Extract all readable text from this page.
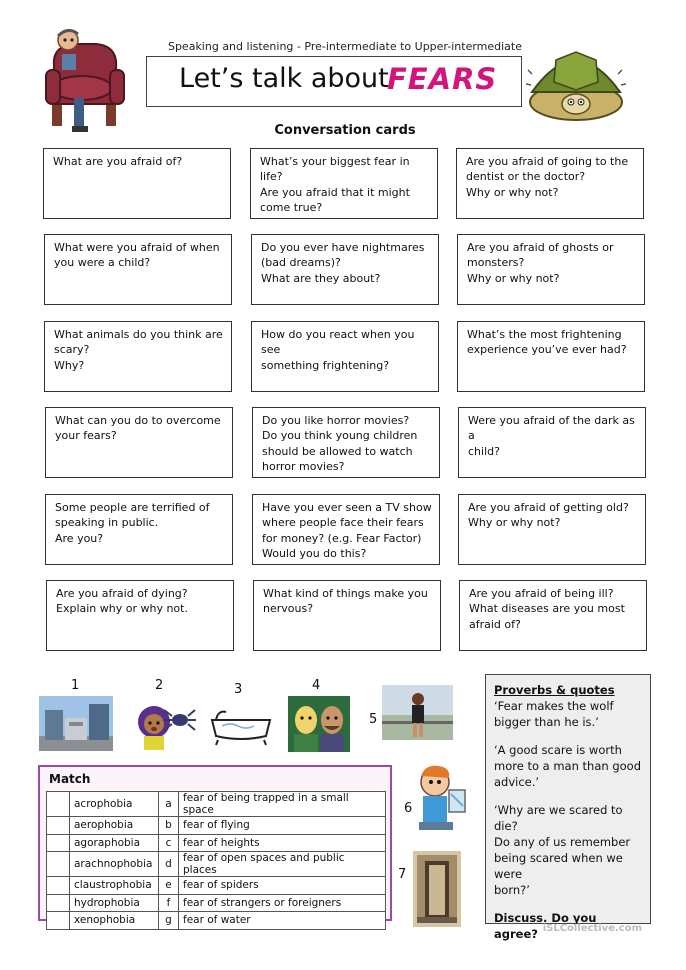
Speaking and listening - Pre-intermediate to Upper-intermediate
Let’s talk about
FEARS
Conversation cards
What are you afraid of?	What’s your biggest fear in life?
Are you afraid that it might
come true?
Are you afraid of going to the
dentist or the doctor?
Why or why not?
What were you afraid of when
you were a child?
Do you ever have nightmares
(bad dreams)?
What are they about?
Are you afraid of ghosts or
monsters?
Why or why not?
What animals do you think are
scary?
Why?
How do you react when you see
something frightening?
What’s the most frightening
experience you’ve ever had?
What can you do to overcome
your fears?
Do you like horror movies?
Do you think young children
should be allowed to watch
horror movies?
Were you afraid of the dark as a
child?
Some people are terrified of
speaking in public.
Are you?
Have you ever seen a TV show
where people face their fears
for money? (e.g. Fear Factor)
Would you do this?
Are you afraid of getting old?
Why or why not?
Are you afraid of dying?
Explain why or why not.
What kind of things make you
nervous?
Are you afraid of being ill?
What diseases are you most
afraid of?
1	2	3	4
5
Match
	acrophobia	a	fear of being trapped in a small space
	aerophobia	b	fear of flying
	agoraphobia	c	fear of heights
	arachnophobia	d	fear of open spaces and public places
	claustrophobia	e	fear of spiders
	hydrophobia	f	fear of strangers or foreigners
	xenophobia	g	fear of water
6
7
Proverbs & quotes
‘Fear makes the wolf
bigger than he is.’
‘A good scare is worth
more to a man than good
advice.’
‘Why are we scared to die?
Do any of us remember
being scared when we were
born?’
Discuss. Do you agree? iSLCollective.com
